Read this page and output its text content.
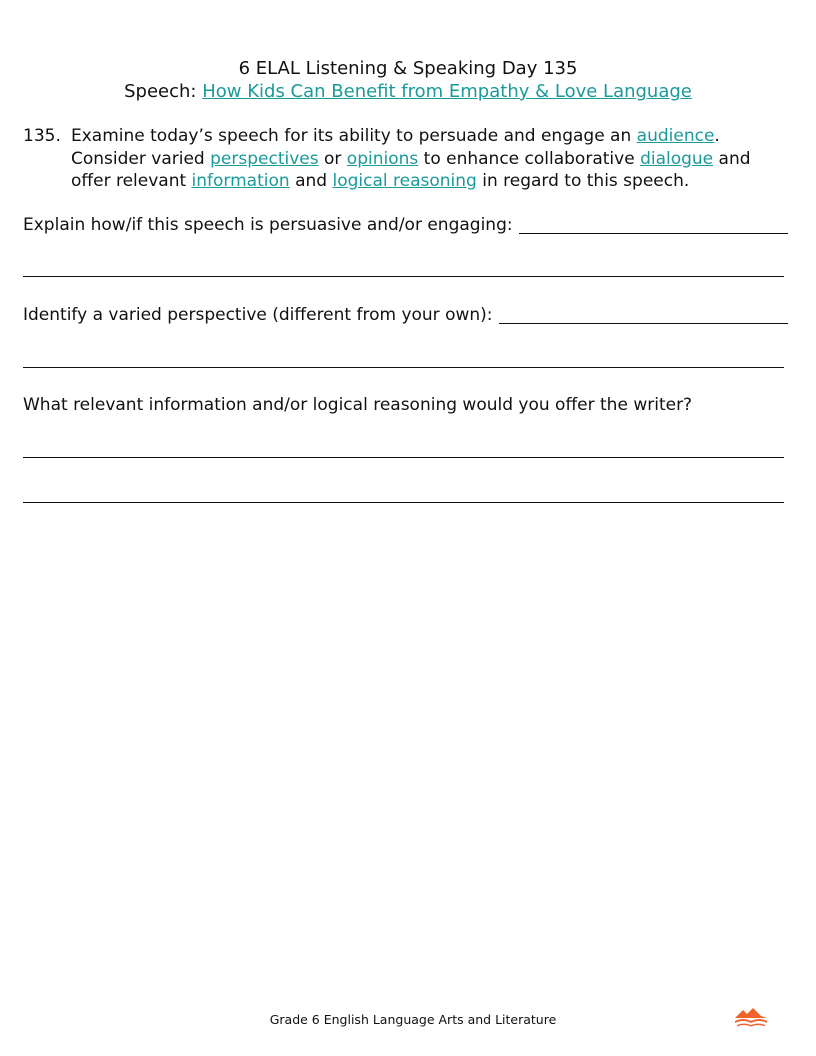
6 ELAL Listening & Speaking Day 135
Speech: How Kids Can Benefit from Empathy & Love Language
135. Examine today’s speech for its ability to persuade and engage an audience. Consider varied perspectives or opinions to enhance collaborative dialogue and offer relevant information and logical reasoning in regard to this speech.
Explain how/if this speech is persuasive and/or engaging:
Identify a varied perspective (different from your own):
What relevant information and/or logical reasoning would you offer the writer?
Grade 6 English Language Arts and Literature
